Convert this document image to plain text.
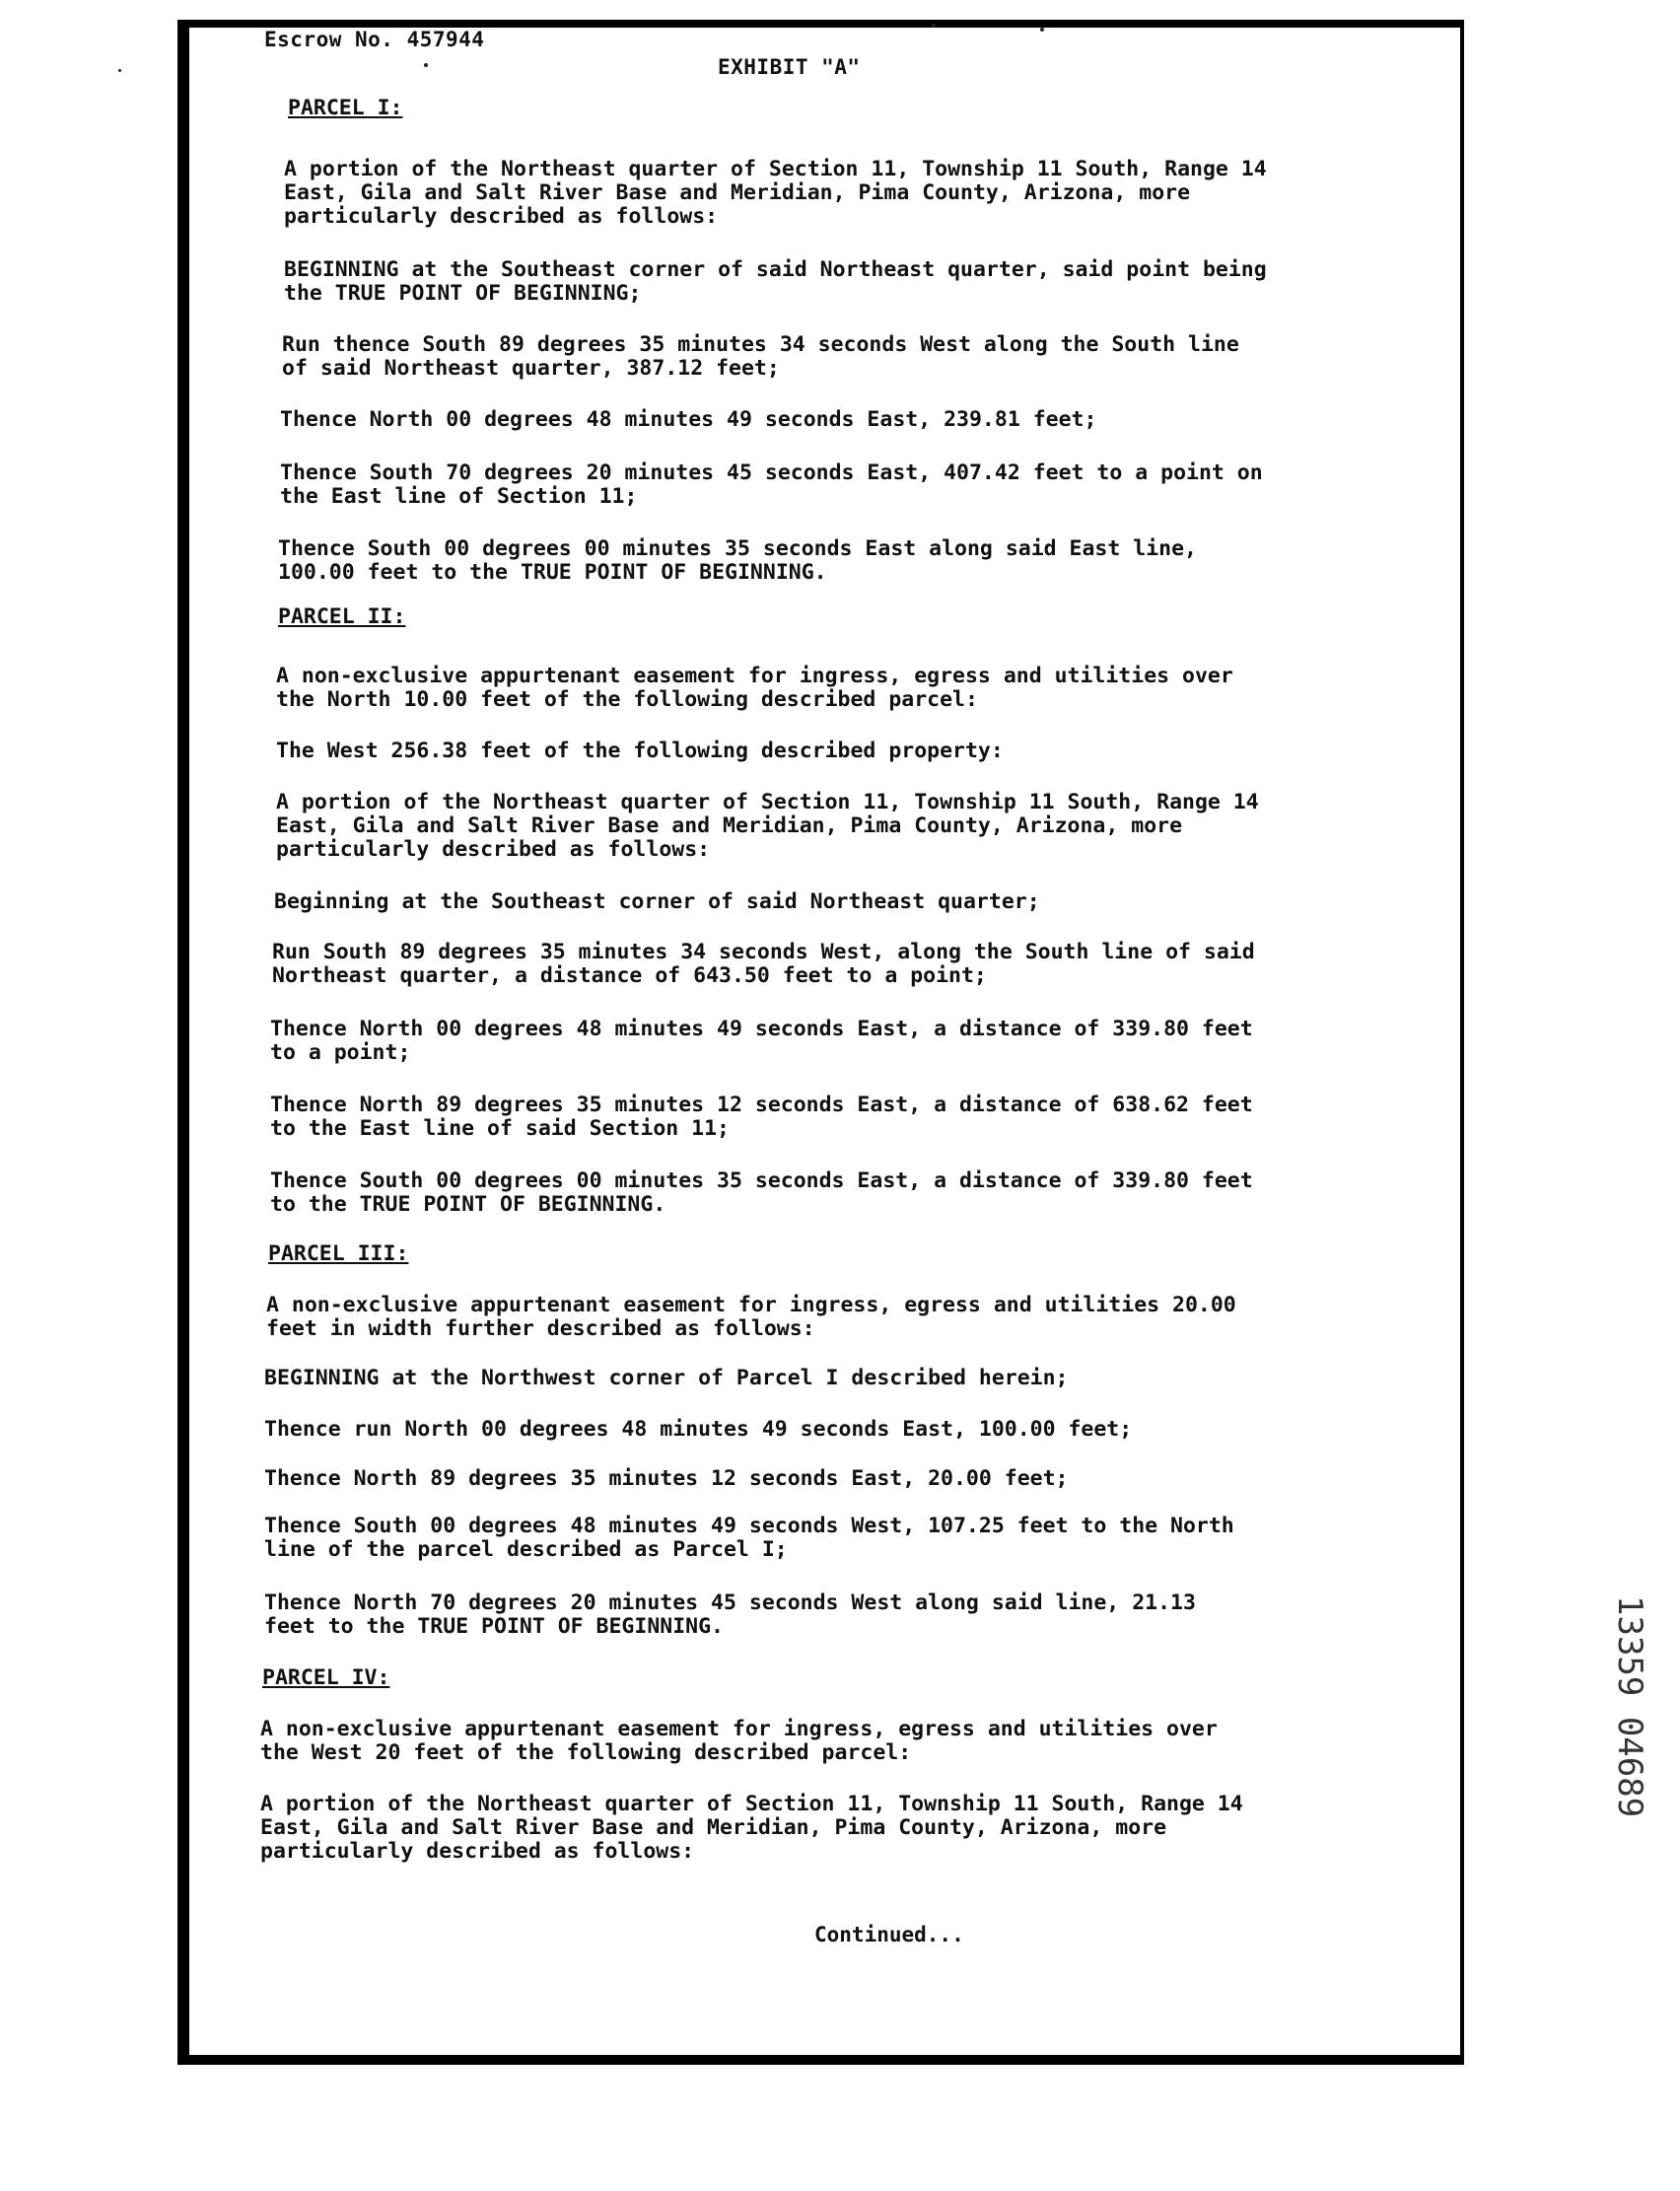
Escrow No. 457944
EXHIBIT "A"
PARCEL I:
A portion of the Northeast quarter of Section 11, Township 11 South, Range 14
East, Gila and Salt River Base and Meridian, Pima County, Arizona, more
particularly described as follows:
BEGINNING at the Southeast corner of said Northeast quarter, said point being
the TRUE POINT OF BEGINNING;
Run thence South 89 degrees 35 minutes 34 seconds West along the South line
of said Northeast quarter, 387.12 feet;
Thence North 00 degrees 48 minutes 49 seconds East, 239.81 feet;
Thence South 70 degrees 20 minutes 45 seconds East, 407.42 feet to a point on
the East line of Section 11;
Thence South 00 degrees 00 minutes 35 seconds East along said East line,
100.00 feet to the TRUE POINT OF BEGINNING.
PARCEL II:
A non-exclusive appurtenant easement for ingress, egress and utilities over
the North 10.00 feet of the following described parcel:
The West 256.38 feet of the following described property:
A portion of the Northeast quarter of Section 11, Township 11 South, Range 14
East, Gila and Salt River Base and Meridian, Pima County, Arizona, more
particularly described as follows:
Beginning at the Southeast corner of said Northeast quarter;
Run South 89 degrees 35 minutes 34 seconds West, along the South line of said
Northeast quarter, a distance of 643.50 feet to a point;
Thence North 00 degrees 48 minutes 49 seconds East, a distance of 339.80 feet
to a point;
Thence North 89 degrees 35 minutes 12 seconds East, a distance of 638.62 feet
to the East line of said Section 11;
Thence South 00 degrees 00 minutes 35 seconds East, a distance of 339.80 feet
to the TRUE POINT OF BEGINNING.
PARCEL III:
A non-exclusive appurtenant easement for ingress, egress and utilities 20.00
feet in width further described as follows:
BEGINNING at the Northwest corner of Parcel I described herein;
Thence run North 00 degrees 48 minutes 49 seconds East, 100.00 feet;
Thence North 89 degrees 35 minutes 12 seconds East, 20.00 feet;
Thence South 00 degrees 48 minutes 49 seconds West, 107.25 feet to the North
line of the parcel described as Parcel I;
Thence North 70 degrees 20 minutes 45 seconds West along said line, 21.13
feet to the TRUE POINT OF BEGINNING.
PARCEL IV:
A non-exclusive appurtenant easement for ingress, egress and utilities over
the West 20 feet of the following described parcel:
A portion of the Northeast quarter of Section 11, Township 11 South, Range 14
East, Gila and Salt River Base and Meridian, Pima County, Arizona, more
particularly described as follows:
Continued...
13359 04689
